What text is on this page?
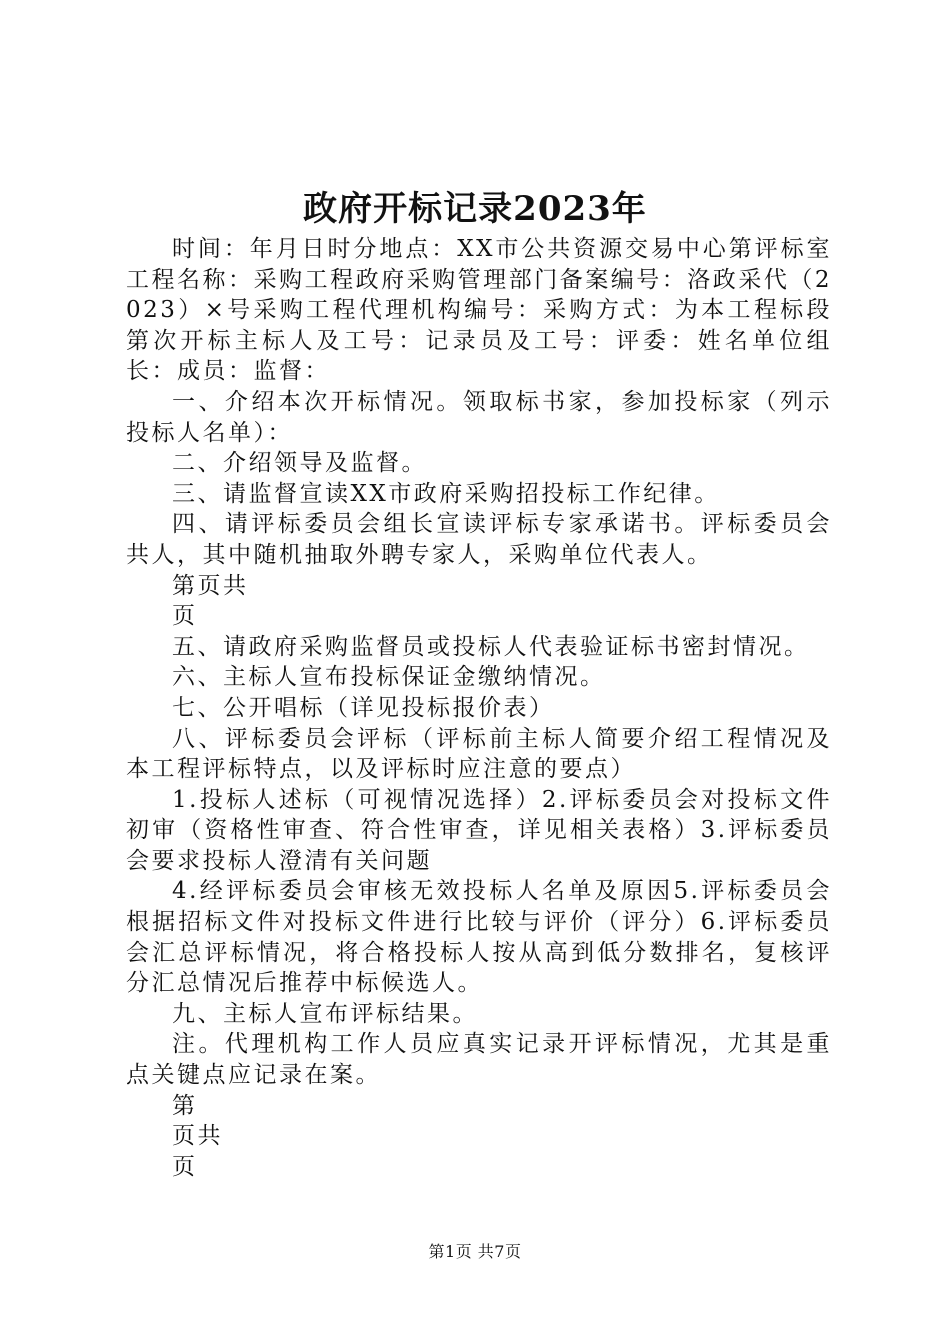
政府开标记录2023年

时间：年月日时分地点：XX市公共资源交易中心第评标室工程名称：采购工程政府采购管理部门备案编号：洛政采代（2023）×号采购工程代理机构编号：采购方式：为本工程标段第次开标主标人及工号：记录员及工号：评委：姓名单位组长：成员：监督：

一、介绍本次开标情况。领取标书家，参加投标家（列示投标人名单）：

二、介绍领导及监督。

三、请监督宣读XX市政府采购招投标工作纪律。

四、请评标委员会组长宣读评标专家承诺书。评标委员会共人，其中随机抽取外聘专家人，采购单位代表人。

第页共

页

五、请政府采购监督员或投标人代表验证标书密封情况。

六、主标人宣布投标保证金缴纳情况。

七、公开唱标（详见投标报价表）

八、评标委员会评标（评标前主标人简要介绍工程情况及本工程评标特点，以及评标时应注意的要点）

1.投标人述标（可视情况选择）2.评标委员会对投标文件初审（资格性审查、符合性审查，详见相关表格）3.评标委员会要求投标人澄清有关问题

4.经评标委员会审核无效投标人名单及原因5.评标委员会根据招标文件对投标文件进行比较与评价（评分）6.评标委员会汇总评标情况，将合格投标人按从高到低分数排名，复核评分汇总情况后推荐中标候选人。

九、主标人宣布评标结果。

注。代理机构工作人员应真实记录开评标情况，尤其是重点关键点应记录在案。

第

页共

页

第1页 共7页
